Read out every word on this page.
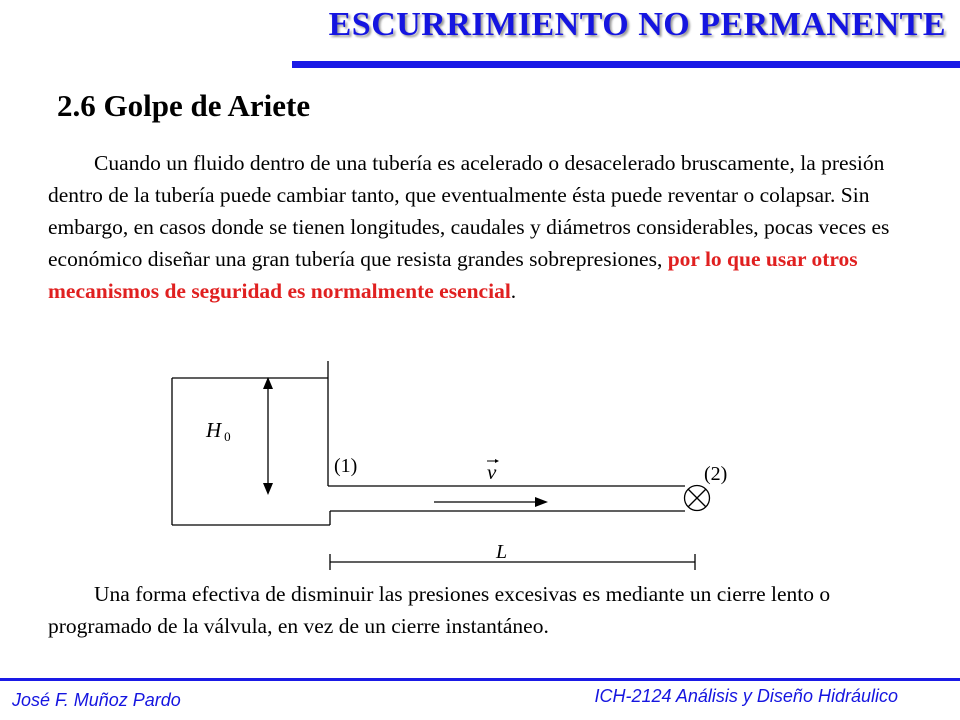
ESCURRIMIENTO NO PERMANENTE
2.6 Golpe de Ariete
Cuando un fluido dentro de una tubería es acelerado o desacelerado bruscamente, la presión dentro de la tubería puede cambiar tanto, que eventualmente ésta puede reventar o colapsar. Sin embargo, en casos donde se tienen longitudes, caudales y diámetros considerables, pocas veces es económico diseñar una gran tubería que resista grandes sobrepresiones, por lo que usar otros mecanismos de seguridad es normalmente esencial.
H 0
(1)	(2)
v
L
Una forma efectiva de disminuir las presiones excesivas es mediante un cierre lento o programado de la válvula, en vez de un cierre instantáneo.
José F. Muñoz Pardo	ICH-2124 Análisis y Diseño Hidráulico
